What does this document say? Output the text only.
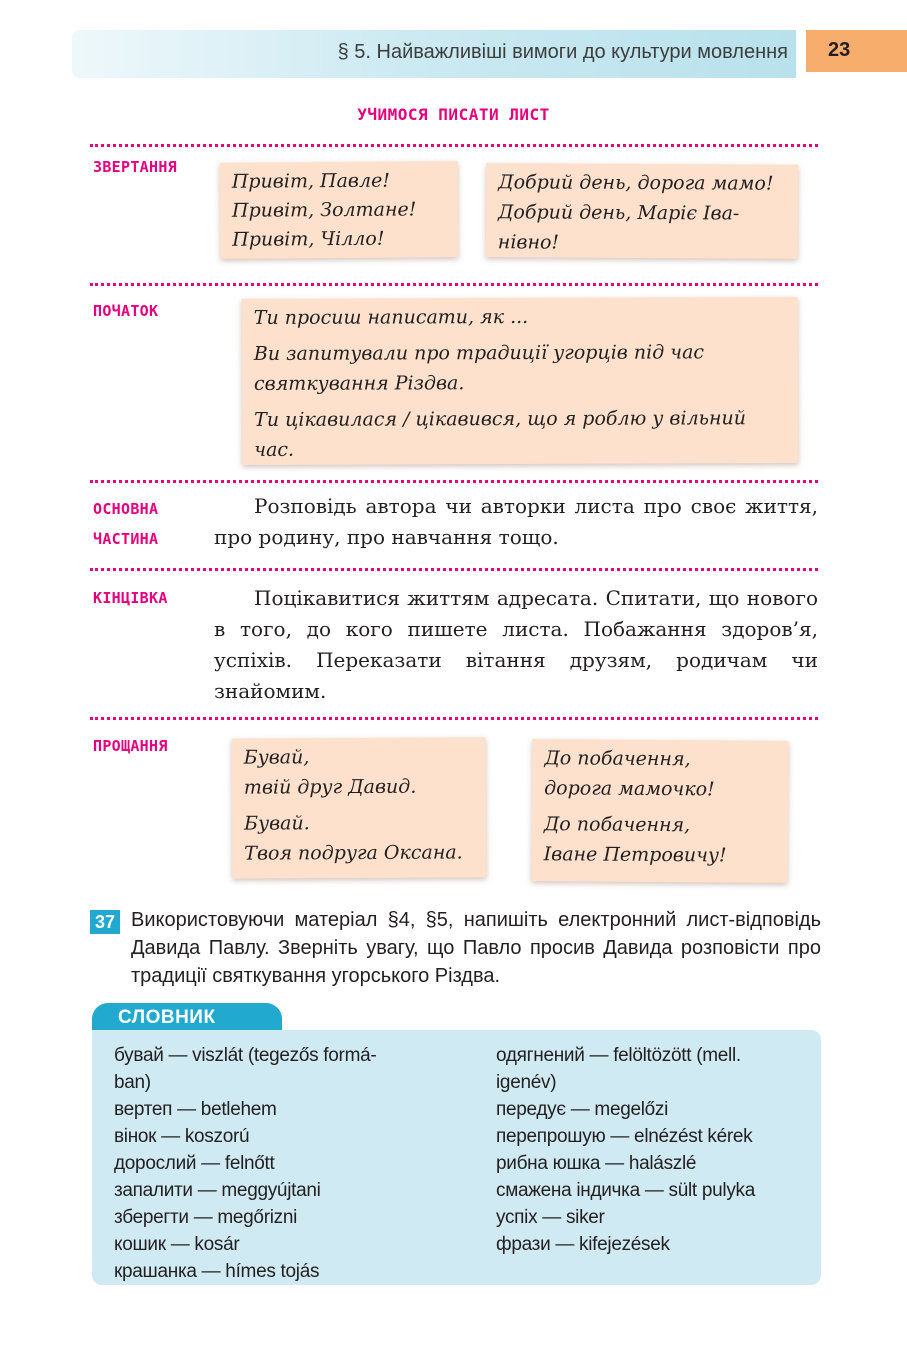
§ 5. Найважливіші вимоги до культури мовлення 23
УЧИМОСЯ ПИСАТИ ЛИСТ
ЗВЕРТАННЯ

Привіт, Павле!

Привіт, Золтане!

Привіт, Чілло!

Добрий день, дорога мамо!

Добрий день, Маріє Іва-

нівно!

ПОЧАТОК	Ти просиш написати, як ...

Ви запитували про традиції угорців під час

святкування Різдва.

Ти цікавилася / цікавився, що я роблю у вільний

час.

ОСНОВНА
ЧАСТИНА

Розповідь автора чи авторки листа про своє життя, про родину, про навчання тощо.

КІНЦІВКА	Поцікавитися життям адресата. Спитати, що нового в того, до кого пишете листа. Побажання здоров’я, успіхів. Переказати вітання друзям, родичам чи знайомим.

ПРОЩАННЯ

Бувай,

твій друг Давид.

Бувай.

Твоя подруга Оксана.

До побачення,

дорога мамочко!

До побачення,

Іване Петровичу!

37 Використовуючи матеріал §4, §5, напишіть електронний лист-відповідь Давида Павлу. Зверніть увагу, що Павло просив Давида розповісти про традиції святкування угорського Різдва.
СЛОВНИК
бувай — viszlát (tegezős formá-
ban)
вертеп — betlehem
вінок — koszorú
дорослий — felnőtt
запалити — meggyújtani
зберегти — megőrizni
кошик — kosár
крашанка — hímes tojás
одягнений — felöltözött (mell.
igenév)
передує — megelőzi
перепрошую — elnézést kérek
рибна юшка — halászlé
смажена індичка — sült pulyka
успіх — siker
фрази — kifejezések
